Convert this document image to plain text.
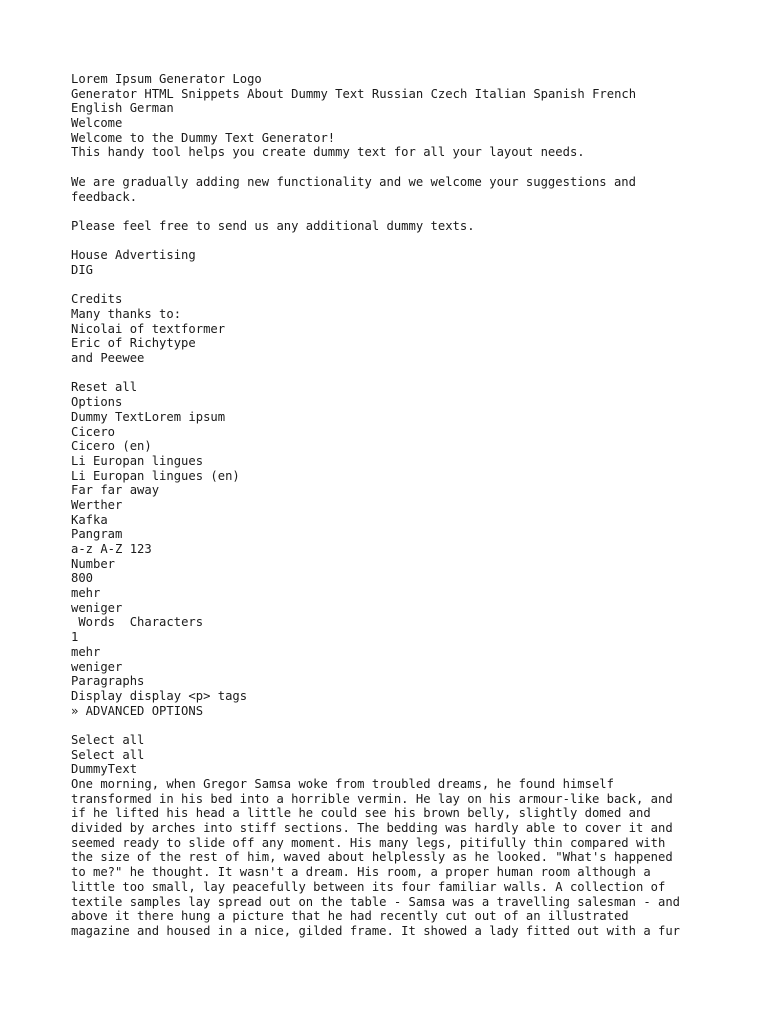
Lorem Ipsum Generator Logo
Generator HTML Snippets About Dummy Text Russian Czech Italian Spanish French
English German
Welcome
Welcome to the Dummy Text Generator!
This handy tool helps you create dummy text for all your layout needs.
We are gradually adding new functionality and we welcome your suggestions and
feedback.
Please feel free to send us any additional dummy texts.
House Advertising
DIG
Credits
Many thanks to:
Nicolai of textformer
Eric of Richytype
and Peewee
Reset all
Options
Dummy TextLorem ipsum
Cicero
Cicero (en)
Li Europan lingues
Li Europan lingues (en)
Far far away
Werther
Kafka
Pangram
a-z A-Z 123
Number
800
mehr
weniger
Words  Characters
1
mehr
weniger
Paragraphs
Display display <p> tags
» ADVANCED OPTIONS
Select all
Select all
DummyText
One morning, when Gregor Samsa woke from troubled dreams, he found himself
transformed in his bed into a horrible vermin. He lay on his armour-like back, and
if he lifted his head a little he could see his brown belly, slightly domed and
divided by arches into stiff sections. The bedding was hardly able to cover it and
seemed ready to slide off any moment. His many legs, pitifully thin compared with
the size of the rest of him, waved about helplessly as he looked. "What's happened
to me?" he thought. It wasn't a dream. His room, a proper human room although a
little too small, lay peacefully between its four familiar walls. A collection of
textile samples lay spread out on the table - Samsa was a travelling salesman - and
above it there hung a picture that he had recently cut out of an illustrated
magazine and housed in a nice, gilded frame. It showed a lady fitted out with a fur
